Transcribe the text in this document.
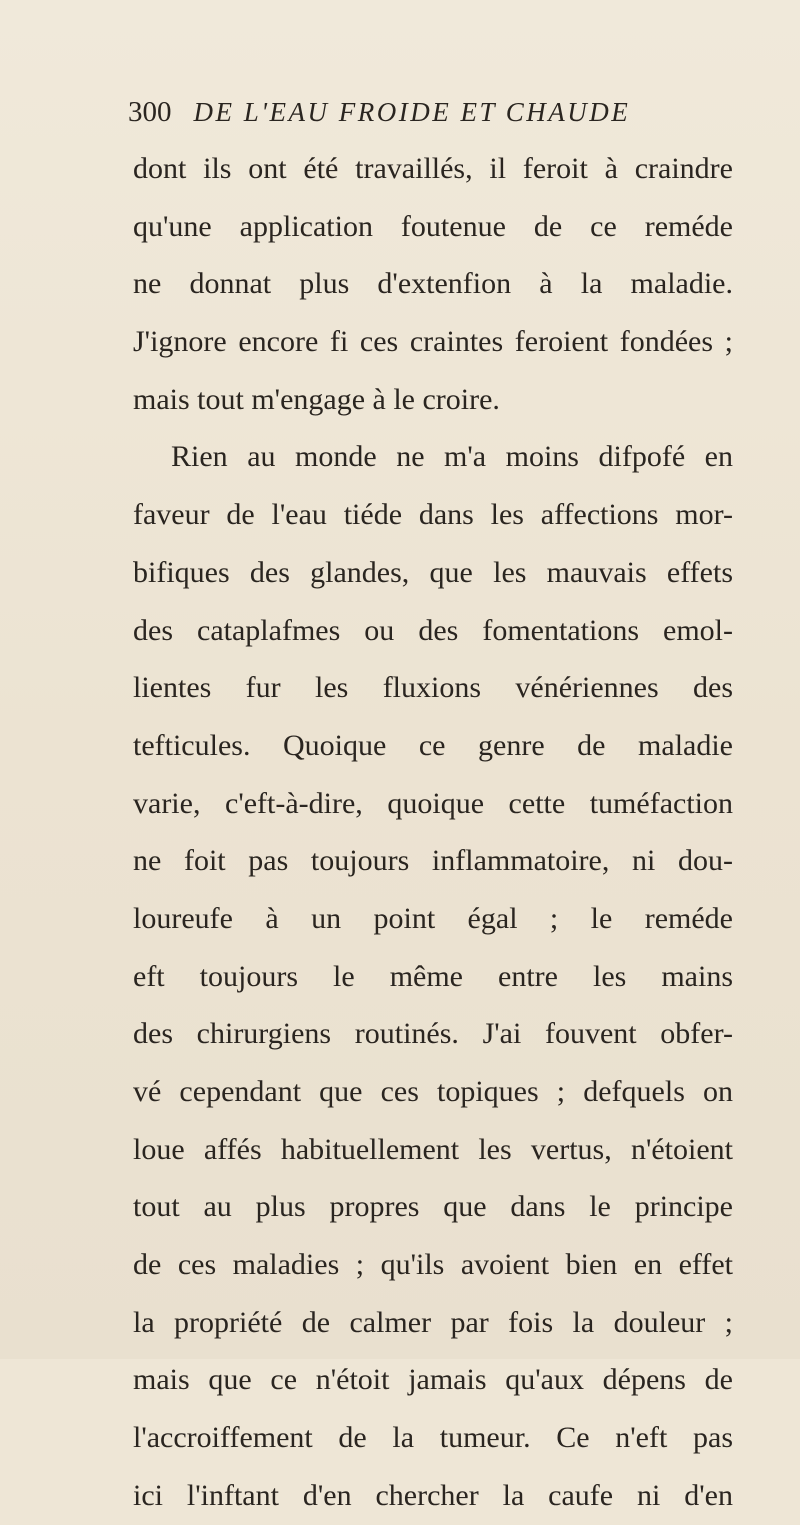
300 DE L'EAU FROIDE ET CHAUDE
dont ils ont été travaillés, il feroit à craindre
qu'une application foutenue de ce reméde
ne donnat plus d'extenfion à la maladie.
J'ignore encore fi ces craintes feroient fondées ;
mais tout m'engage à le croire.
Rien au monde ne m'a moins difpofé en
faveur de l'eau tiéde dans les affections mor-
bifiques des glandes, que les mauvais effets
des cataplafmes ou des fomentations emol-
lientes fur les fluxions vénériennes des
tefticules. Quoique ce genre de maladie
varie, c'eft-à-dire, quoique cette tuméfaction
ne foit pas toujours inflammatoire, ni dou-
loureufe à un point égal ; le reméde
eft toujours le même entre les mains
des chirurgiens routinés. J'ai fouvent obfer-
vé cependant que ces topiques ; defquels on
loue affés habituellement les vertus, n'étoient
tout au plus propres que dans le principe
de ces maladies ; qu'ils avoient bien en effet
la propriété de calmer par fois la douleur ;
mais que ce n'étoit jamais qu'aux dépens de
l'accroiffement de la tumeur. Ce n'eft pas
ici l'inftant d'en chercher la caufe ni d'en
